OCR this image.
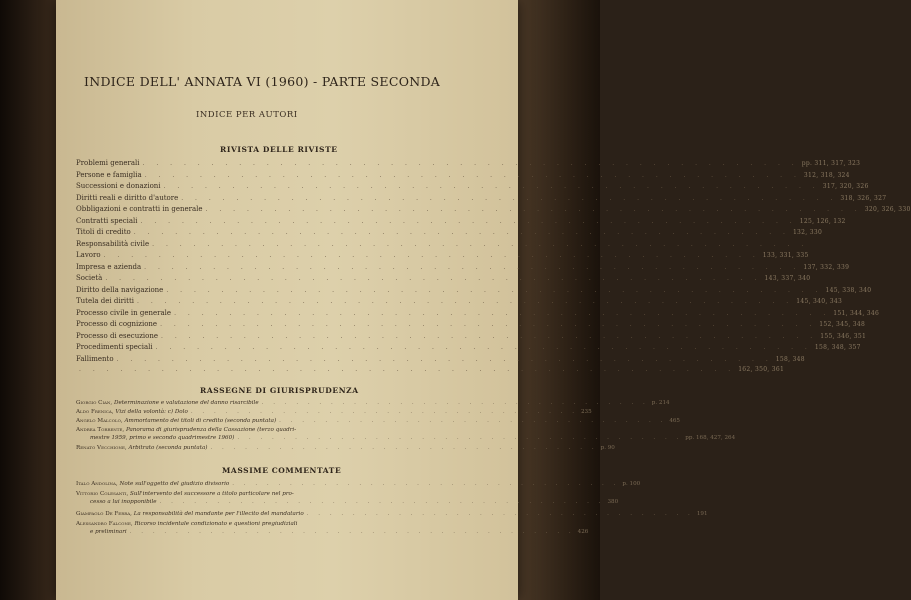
INDICE DELL' ANNATA VI (1960) - PARTE SECONDA
INDICE PER AUTORI
RIVISTA DELLE RIVISTE
Problemi generali . . . . . . . . . . . . . . . . . . . . . . . . . . . . . . . . . . . . . . . . . . . . . . . . pp. 311, 317, 323
Persone e famiglia . . . . . . . . . . . . . . . . . . . . . . . . . . . . . . . . . . . . . . . . . . . . . . . . 312, 318, 324
Successioni e donazioni . . . . . . . . . . . . . . . . . . . . . . . . . . . . . . . . . . . . . . . . . . . . . . . . 317, 320, 326
Diritti reali e diritto d'autore . . . . . . . . . . . . . . . . . . . . . . . . . . . . . . . . . . . . . . . . . . . . . . . . 318, 326, 327
Obbligazioni e contratti in generale . . . . . . . . . . . . . . . . . . . . . . . . . . . . . . . . . . . . . . . . . . . . . . . . 320, 326, 330
Contratti speciali . . . . . . . . . . . . . . . . . . . . . . . . . . . . . . . . . . . . . . . . . . . . . . . . 125, 126, 132
Titoli di credito . . . . . . . . . . . . . . . . . . . . . . . . . . . . . . . . . . . . . . . . . . . . . . . . 132, 330
Responsabilità civile . . . . . . . . . . . . . . . . . . . . . . . . . . . . . . . . . . . . . . . . . . . . . . . .
Lavoro . . . . . . . . . . . . . . . . . . . . . . . . . . . . . . . . . . . . . . . . . . . . . . . . 133, 331, 335
Impresa e azienda . . . . . . . . . . . . . . . . . . . . . . . . . . . . . . . . . . . . . . . . . . . . . . . . 137, 332, 339
Società . . . . . . . . . . . . . . . . . . . . . . . . . . . . . . . . . . . . . . . . . . . . . . . . 143, 337, 340
Diritto della navigazione . . . . . . . . . . . . . . . . . . . . . . . . . . . . . . . . . . . . . . . . . . . . . . . . 145, 338, 340
Tutela dei diritti . . . . . . . . . . . . . . . . . . . . . . . . . . . . . . . . . . . . . . . . . . . . . . . . 145, 340, 343
Processo civile in generale . . . . . . . . . . . . . . . . . . . . . . . . . . . . . . . . . . . . . . . . . . . . . . . . 151, 344, 346
Processo di cognizione . . . . . . . . . . . . . . . . . . . . . . . . . . . . . . . . . . . . . . . . . . . . . . . . 152, 345, 348
Processo di esecuzione . . . . . . . . . . . . . . . . . . . . . . . . . . . . . . . . . . . . . . . . . . . . . . . . 155, 346, 351
Procedimenti speciali . . . . . . . . . . . . . . . . . . . . . . . . . . . . . . . . . . . . . . . . . . . . . . . . 158, 348, 357
Fallimento . . . . . . . . . . . . . . . . . . . . . . . . . . . . . . . . . . . . . . . . . . . . . . . . 158, 348
. . . . . . . . . . . . . . . . . . . . . . . . . . . . . . . . . . . . . . . . . . . . . . . . 162, 350, 361
RASSEGNE DI GIURISPRUDENZA
Giorgio Cian,
Determinazione e valutazione del danno risarcibile . . . . . . . . . . . . . . . . . . . . . . . . . . . . . . . . . . p. 214
Aldo Frenica,
Vizi della volontà: c) Dolo . . . . . . . . . . . . . . . . . . . . . . . . . . . . . . . . . . 235
Angelo Malcolo,
Ammortamento dei titoli di credito (seconda puntata) . . . . . . . . . . . . . . . . . . . . . . . . . . . . . . . . . . 465
Andrea Torrente,
Panorama di giurisprudenza della Cassazione (terzo quadri-
mestre 1959, primo e secondo quadrimestre 1960) . . . . . . . . . . . . . . . . . . . . . . . . . . . . . . . . . . . . . . . pp. 168, 427, 264
Renato Vecchione,
Arbitrato (seconda puntata) . . . . . . . . . . . . . . . . . . . . . . . . . . . . . . . . . . p. 90
MASSIME COMMENTATE
Italo Andolina,
Note sull'oggetto del giudizio divisorio . . . . . . . . . . . . . . . . . . . . . . . . . . . . . . . . . . p. 100
Vittorio Colesanti,
Sull'intervento del successore a titolo particolare nel pro-
cesso a lui inopponibile . . . . . . . . . . . . . . . . . . . . . . . . . . . . . . . . . . . . . . . 380
Giampaolo De Ferra,
La responsabilità del mandante per l'illecito del mandatario . . . . . . . . . . . . . . . . . . . . . . . . . . . . . . . . . . 191
Alessandro Falcone,
Ricorso incidentale condizionato e questioni pregiudiziali
e preliminari . . . . . . . . . . . . . . . . . . . . . . . . . . . . . . . . . . . . . . . 426
